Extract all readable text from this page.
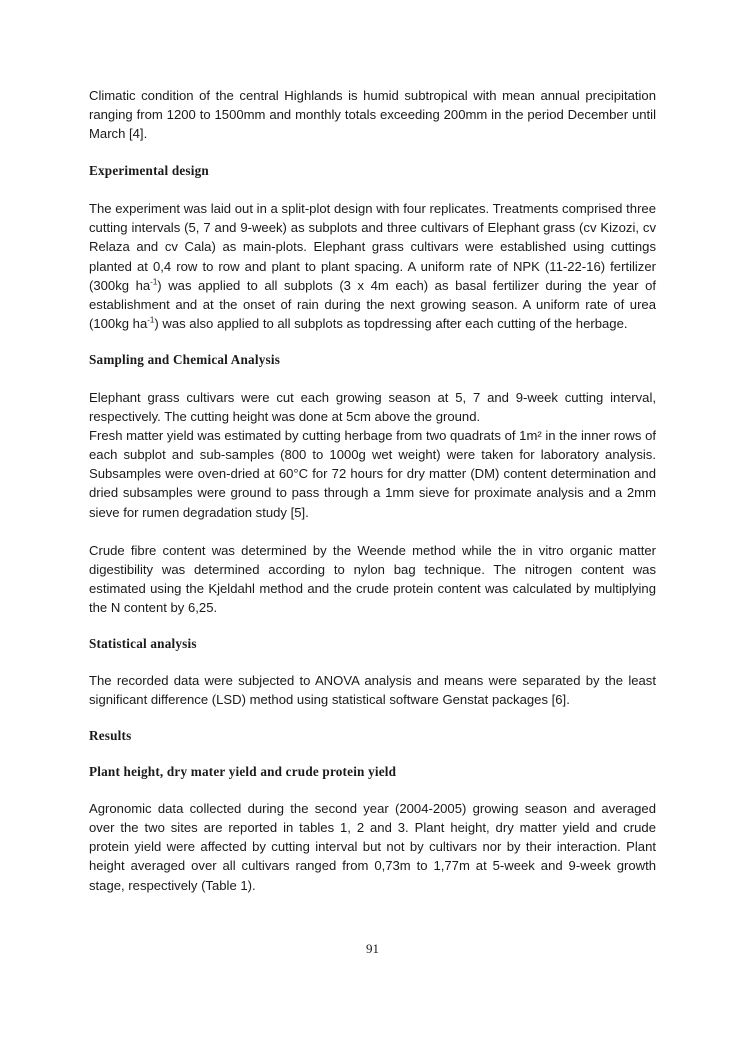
Climatic condition of the central Highlands is humid subtropical with mean annual precipitation ranging from 1200 to 1500mm and monthly totals exceeding 200mm in the period December until March [4].

Experimental design

The experiment was laid out in a split-plot design with four replicates. Treatments comprised three cutting intervals (5, 7 and 9-week) as subplots and three cultivars of Elephant grass (cv Kizozi, cv Relaza and cv Cala) as main-plots. Elephant grass cultivars were established using cuttings planted at 0,4 row to row and plant to plant spacing. A uniform rate of NPK (11-22-16) fertilizer (300kg $ha^{-1}$) was applied to all subplots (3 x 4m each) as basal fertilizer during the year of establishment and at the onset of rain during the next growing season. A uniform rate of urea (100kg $ha^{-1}$) was also applied to all subplots as topdressing after each cutting of the herbage.

Sampling and Chemical Analysis

Elephant grass cultivars were cut each growing season at 5, 7 and 9-week cutting interval, respectively. The cutting height was done at 5cm above the ground.

Fresh matter yield was estimated by cutting herbage from two quadrats of 1m² in the inner rows of each subplot and sub-samples (800 to 1000g wet weight) were taken for laboratory analysis. Subsamples were oven-dried at 60°C for 72 hours for dry matter (DM) content determination and dried subsamples were ground to pass through a 1mm sieve for proximate analysis and a 2mm sieve for rumen degradation study [5].

Crude fibre content was determined by the Weende method while the in vitro organic matter digestibility was determined according to nylon bag technique. The nitrogen content was estimated using the Kjeldahl method and the crude protein content was calculated by multiplying the N content by 6,25.

Statistical analysis

The recorded data were subjected to ANOVA analysis and means were separated by the least significant difference (LSD) method using statistical software Genstat packages [6].

Results

Plant height, dry mater yield and crude protein yield

Agronomic data collected during the second year (2004-2005) growing season and averaged over the two sites are reported in tables 1, 2 and 3. Plant height, dry matter yield and crude protein yield were affected by cutting interval but not by cultivars nor by their interaction. Plant height averaged over all cultivars ranged from 0,73m to 1,77m at 5-week and 9-week growth stage, respectively (Table 1).

91
